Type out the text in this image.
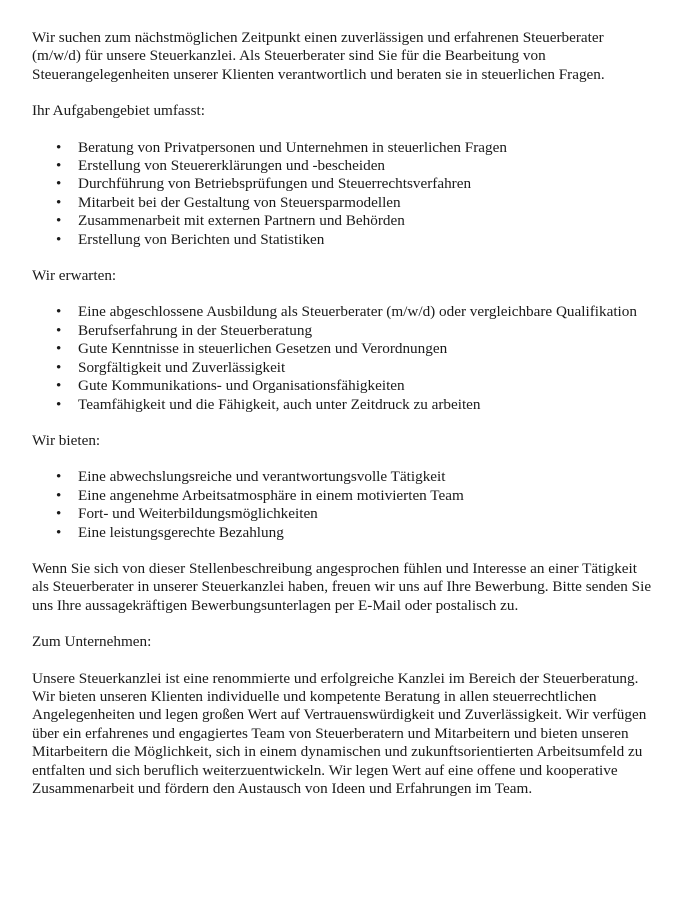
Wir suchen zum nächstmöglichen Zeitpunkt einen zuverlässigen und erfahrenen Steuerberater (m/w/d) für unsere Steuerkanzlei. Als Steuerberater sind Sie für die Bearbeitung von Steuerangelegenheiten unserer Klienten verantwortlich und beraten sie in steuerlichen Fragen.

Ihr Aufgabengebiet umfasst:

• Beratung von Privatpersonen und Unternehmen in steuerlichen Fragen
• Erstellung von Steuererklärungen und -bescheiden
• Durchführung von Betriebsprüfungen und Steuerrechtsverfahren
• Mitarbeit bei der Gestaltung von Steuersparmodellen
• Zusammenarbeit mit externen Partnern und Behörden
• Erstellung von Berichten und Statistiken

Wir erwarten:

• Eine abgeschlossene Ausbildung als Steuerberater (m/w/d) oder vergleichbare Qualifikation
• Berufserfahrung in der Steuerberatung
• Gute Kenntnisse in steuerlichen Gesetzen und Verordnungen
• Sorgfältigkeit und Zuverlässigkeit
• Gute Kommunikations- und Organisationsfähigkeiten
• Teamfähigkeit und die Fähigkeit, auch unter Zeitdruck zu arbeiten

Wir bieten:

• Eine abwechslungsreiche und verantwortungsvolle Tätigkeit
• Eine angenehme Arbeitsatmosphäre in einem motivierten Team
• Fort- und Weiterbildungsmöglichkeiten
• Eine leistungsgerechte Bezahlung

Wenn Sie sich von dieser Stellenbeschreibung angesprochen fühlen und Interesse an einer Tätigkeit als Steuerberater in unserer Steuerkanzlei haben, freuen wir uns auf Ihre Bewerbung. Bitte senden Sie uns Ihre aussagekräftigen Bewerbungsunterlagen per E-Mail oder postalisch zu.

Zum Unternehmen:

Unsere Steuerkanzlei ist eine renommierte und erfolgreiche Kanzlei im Bereich der Steuerberatung. Wir bieten unseren Klienten individuelle und kompetente Beratung in allen steuerrechtlichen Angelegenheiten und legen großen Wert auf Vertrauenswürdigkeit und Zuverlässigkeit. Wir verfügen über ein erfahrenes und engagiertes Team von Steuerberatern und Mitarbeitern und bieten unseren Mitarbeitern die Möglichkeit, sich in einem dynamischen und zukunftsorientierten Arbeitsumfeld zu entfalten und sich beruflich weiterzuentwickeln. Wir legen Wert auf eine offene und kooperative Zusammenarbeit und fördern den Austausch von Ideen und Erfahrungen im Team.
